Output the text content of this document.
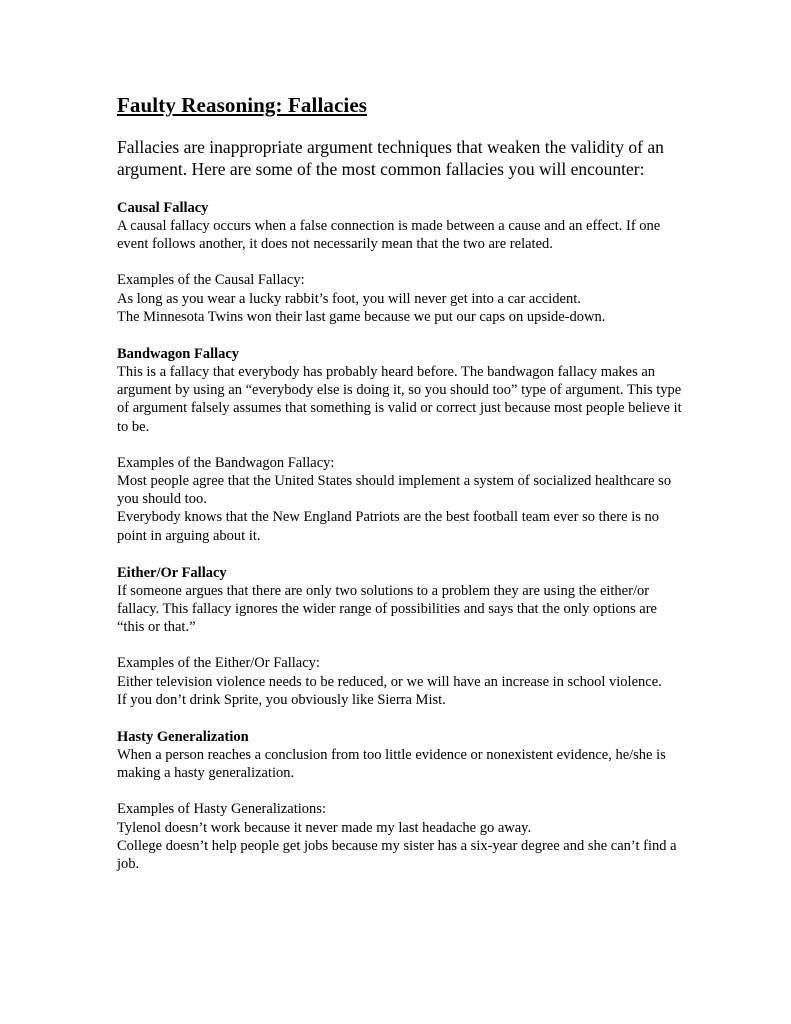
Faulty Reasoning: Fallacies

Fallacies are inappropriate argument techniques that weaken the validity of an argument. Here are some of the most common fallacies you will encounter:

Causal Fallacy

A causal fallacy occurs when a false connection is made between a cause and an effect. If one event follows another, it does not necessarily mean that the two are related.

Examples of the Causal Fallacy:

As long as you wear a lucky rabbit’s foot, you will never get into a car accident.

The Minnesota Twins won their last game because we put our caps on upside-down.

Bandwagon Fallacy

This is a fallacy that everybody has probably heard before. The bandwagon fallacy makes an argument by using an “everybody else is doing it, so you should too” type of argument. This type of argument falsely assumes that something is valid or correct just because most people believe it to be.

Examples of the Bandwagon Fallacy:

Most people agree that the United States should implement a system of socialized healthcare so you should too.

Everybody knows that the New England Patriots are the best football team ever so there is no point in arguing about it.

Either/Or Fallacy

If someone argues that there are only two solutions to a problem they are using the either/or fallacy. This fallacy ignores the wider range of possibilities and says that the only options are “this or that.”

Examples of the Either/Or Fallacy:

Either television violence needs to be reduced, or we will have an increase in school violence.

If you don’t drink Sprite, you obviously like Sierra Mist.

Hasty Generalization

When a person reaches a conclusion from too little evidence or nonexistent evidence, he/she is making a hasty generalization.

Examples of Hasty Generalizations:

Tylenol doesn’t work because it never made my last headache go away.

College doesn’t help people get jobs because my sister has a six-year degree and she can’t find a job.
